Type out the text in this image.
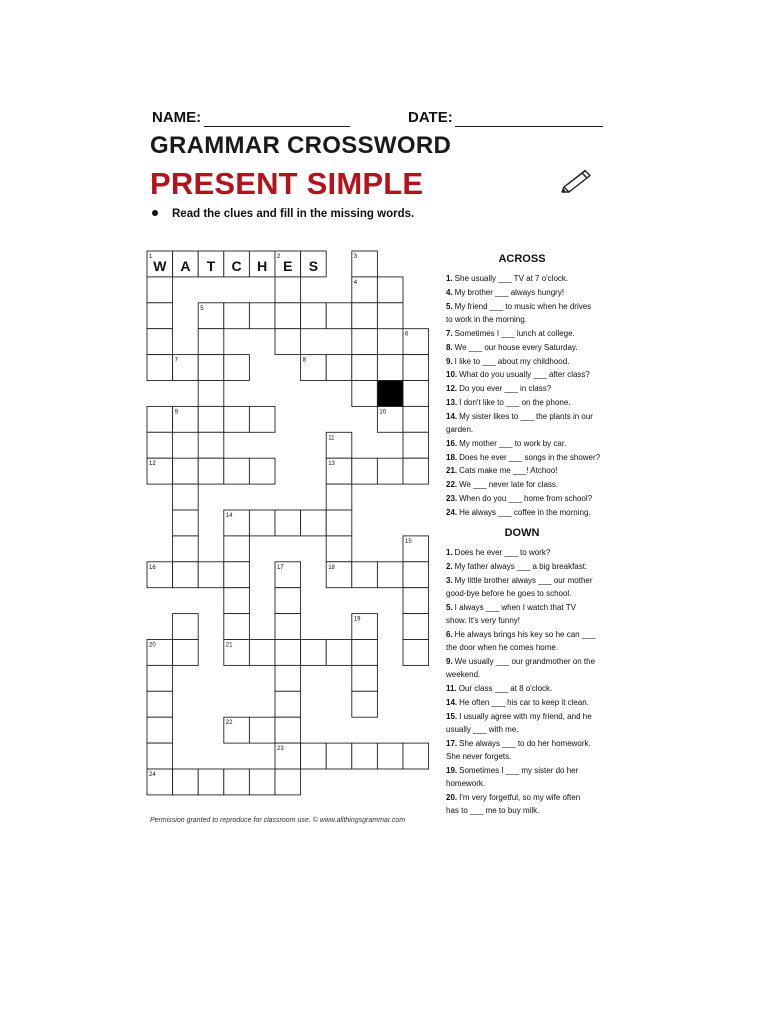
NAME:	DATE:
GRAMMAR CROSSWORD
PRESENT SIMPLE
Read the clues and fill in the missing words.
1	2	3
4
5
6
7	8
9	10
11
12	13
14
15
16	17	18
19
20	21
22
23
24
W A T C H E S	ACROSS
1. She usually ___ TV at 7 o'clock.
4. My brother ___ always hungry!
5. My friend ___ to music when he drives
to work in the morning.
7. Sometimes I ___ lunch at college.
8. We ___ our house every Saturday.
9. I like to ___ about my childhood.
10. What do you usually ___ after class?
12. Do you ever ___ in class?
13. I don't like to ___ on the phone.
14. My sister likes to ___ the plants in our
garden.
16. My mother ___ to work by car.
18. Does he ever ___ songs in the shower?
21. Cats make me ___! Atchoo!
22. We ___ never late for class.
23. When do you ___ home from school?
24. He always ___ coffee in the morning.
DOWN
1. Does he ever ___ to work?
2. My father always ___ a big breakfast.
3. My little brother always ___ our mother
good-bye before he goes to school.
5. I always ___ when I watch that TV
show. It's very funny!
6. He always brings his key so he can ___
the door when he comes home.
9. We usually ___ our grandmother on the
weekend.
11. Our class ___ at 8 o'clock.
14. He often ___ his car to keep it clean.
15. I usually agree with my friend, and he
usually ___ with me.
17. She always ___ to do her homework.
She never forgets.
19. Sometimes I ___ my sister do her
homework.
20. I'm very forgetful, so my wife often
has to ___ me to buy milk.
Permission granted to reproduce for classroom use. © www.allthingsgrammar.com
